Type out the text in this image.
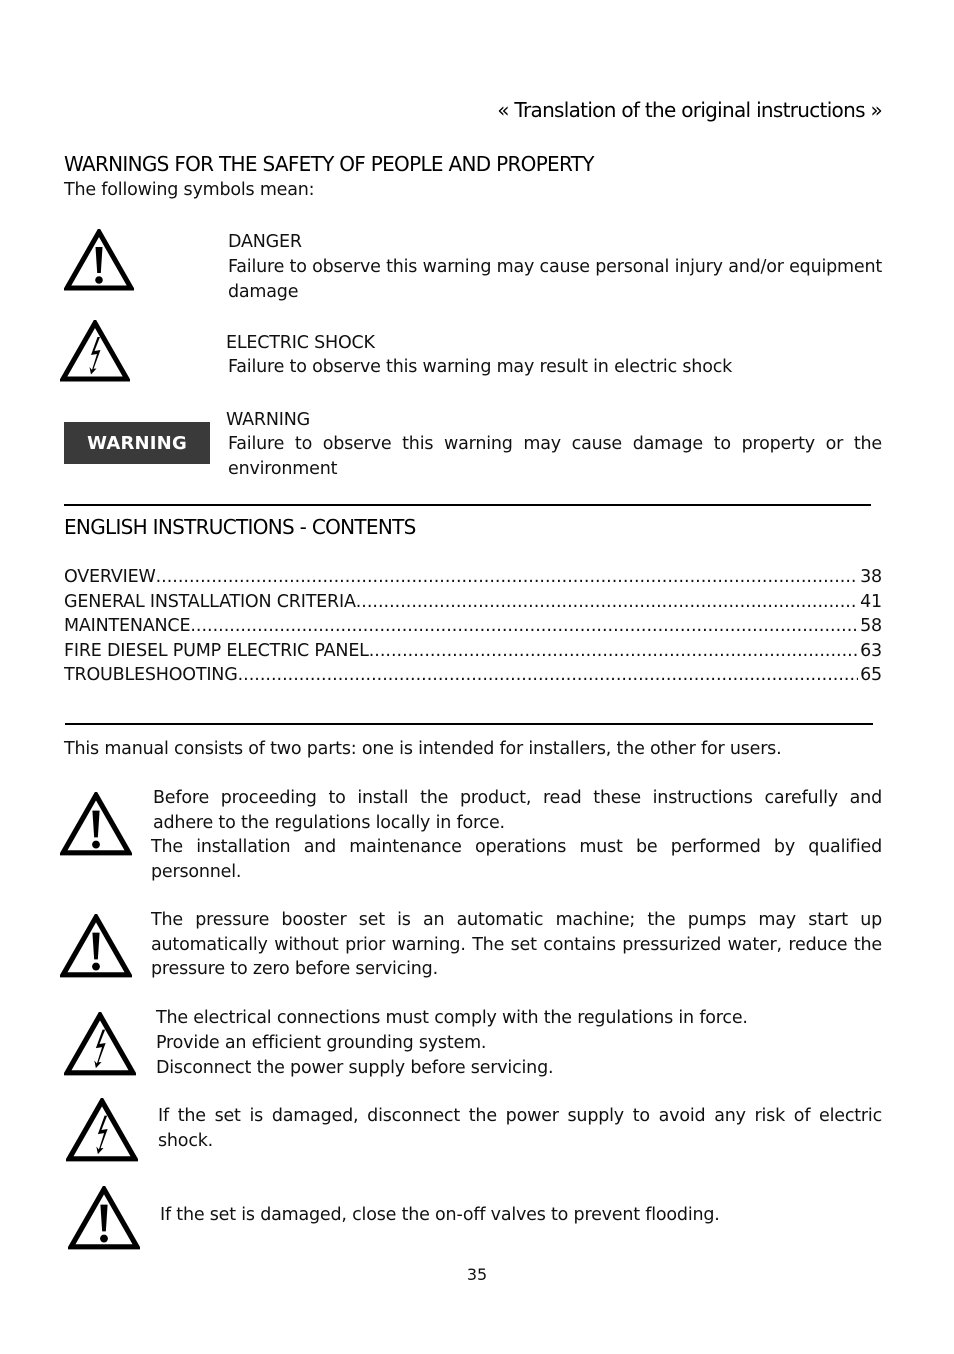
« Translation of the original instructions »
WARNINGS FOR THE SAFETY OF PEOPLE AND PROPERTY
The following symbols mean:
DANGER
Failure to observe this warning may cause personal injury and/or equipment damage
ELECTRIC SHOCK
Failure to observe this warning may result in electric shock
WARNING
WARNING
Failure to observe this warning may cause damage to property or the environment
ENGLISH INSTRUCTIONS - CONTENTS
OVERVIEW .....	38
GENERAL INSTALLATION CRITERIA .....	41
MAINTENANCE .....	58
FIRE DIESEL PUMP ELECTRIC PANEL .....	63
TROUBLESHOOTING .....	65
This manual consists of two parts: one is intended for installers, the other for users.
Before proceeding to install the product, read these instructions carefully and adhere to the regulations locally in force.
The installation and maintenance operations must be performed by qualified personnel.
The pressure booster set is an automatic machine; the pumps may start up automatically without prior warning. The set contains pressurized water, reduce the pressure to zero before servicing.
The electrical connections must comply with the regulations in force.
Provide an efficient grounding system.
Disconnect the power supply before servicing.
If the set is damaged, disconnect the power supply to avoid any risk of electric shock.
If the set is damaged, close the on-off valves to prevent flooding.
35
